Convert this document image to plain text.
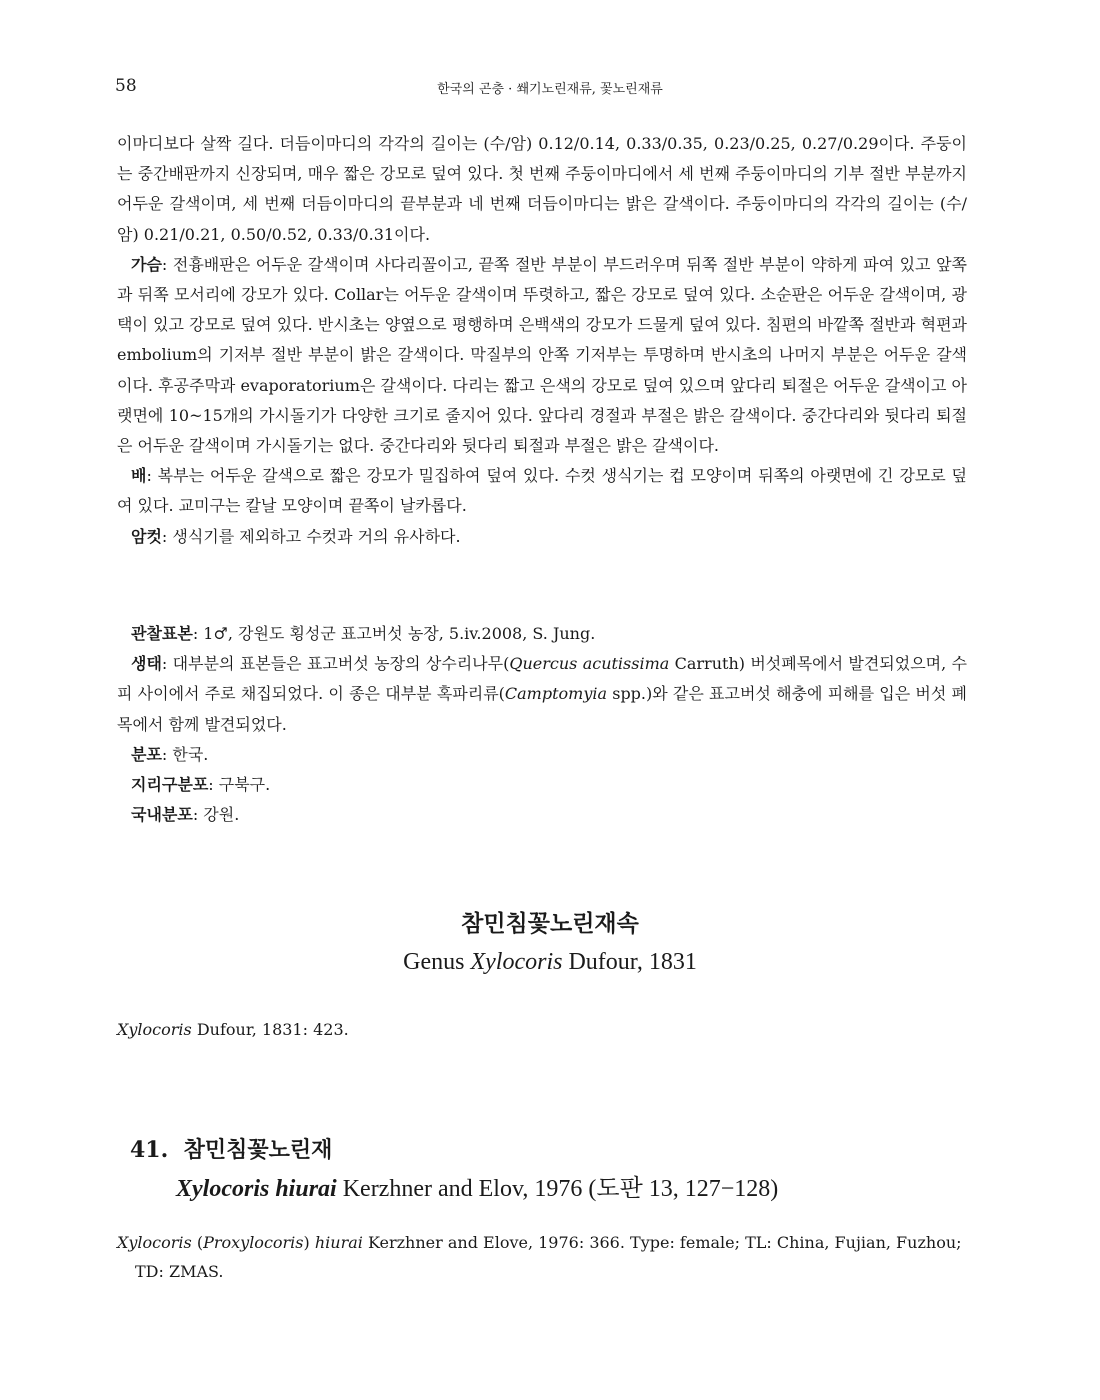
58	한국의 곤충 · 쐐기노린재류, 꽃노린재류

이마디보다 살짝 길다. 더듬이마디의 각각의 길이는 (수/암) 0.12/0.14, 0.33/0.35, 0.23/0.25, 0.27/0.29이다. 주둥이는 중간배판까지 신장되며, 매우 짧은 강모로 덮여 있다. 첫 번째 주둥이마디에서 세 번째 주둥이마디의 기부 절반 부분까지 어두운 갈색이며, 세 번째 더듬이마디의 끝부분과 네 번째 더듬이마디는 밝은 갈색이다. 주둥이마디의 각각의 길이는 (수/암) 0.21/0.21, 0.50/0.52, 0.33/0.31이다.

가슴: 전흉배판은 어두운 갈색이며 사다리꼴이고, 끝쪽 절반 부분이 부드러우며 뒤쪽 절반 부분이 약하게 파여 있고 앞쪽과 뒤쪽 모서리에 강모가 있다. Collar는 어두운 갈색이며 뚜렷하고, 짧은 강모로 덮여 있다. 소순판은 어두운 갈색이며, 광택이 있고 강모로 덮여 있다. 반시초는 양옆으로 평행하며 은백색의 강모가 드물게 덮여 있다. 침편의 바깥쪽 절반과 혁편과 embolium의 기저부 절반 부분이 밝은 갈색이다. 막질부의 안쪽 기저부는 투명하며 반시초의 나머지 부분은 어두운 갈색이다. 후공주막과 evaporatorium은 갈색이다. 다리는 짧고 은색의 강모로 덮여 있으며 앞다리 퇴절은 어두운 갈색이고 아랫면에 10~15개의 가시돌기가 다양한 크기로 줄지어 있다. 앞다리 경절과 부절은 밝은 갈색이다. 중간다리와 뒷다리 퇴절은 어두운 갈색이며 가시돌기는 없다. 중간다리와 뒷다리 퇴절과 부절은 밝은 갈색이다.

배: 복부는 어두운 갈색으로 짧은 강모가 밀집하여 덮여 있다. 수컷 생식기는 컵 모양이며 뒤쪽의 아랫면에 긴 강모로 덮여 있다. 교미구는 칼날 모양이며 끝쪽이 날카롭다.

암컷: 생식기를 제외하고 수컷과 거의 유사하다.

관찰표본: 1♂, 강원도 횡성군 표고버섯 농장, 5.iv.2008, S. Jung.

생태: 대부분의 표본들은 표고버섯 농장의 상수리나무(Quercus acutissima Carruth) 버섯폐목에서 발견되었으며, 수피 사이에서 주로 채집되었다. 이 종은 대부분 혹파리류(Camptomyia spp.)와 같은 표고버섯 해충에 피해를 입은 버섯 폐목에서 함께 발견되었다.

분포: 한국.

지리구분포: 구북구.

국내분포: 강원.

참민침꽃노린재속
Genus Xylocoris Dufour, 1831
Xylocoris Dufour, 1831: 423.
41. 참민침꽃노린재
Xylocoris hiurai Kerzhner and Elov, 1976 (도판 13, 127−128)
Xylocoris (Proxylocoris) hiurai Kerzhner and Elove, 1976: 366. Type: female; TL: China, Fujian, Fuzhou;
TD: ZMAS.
